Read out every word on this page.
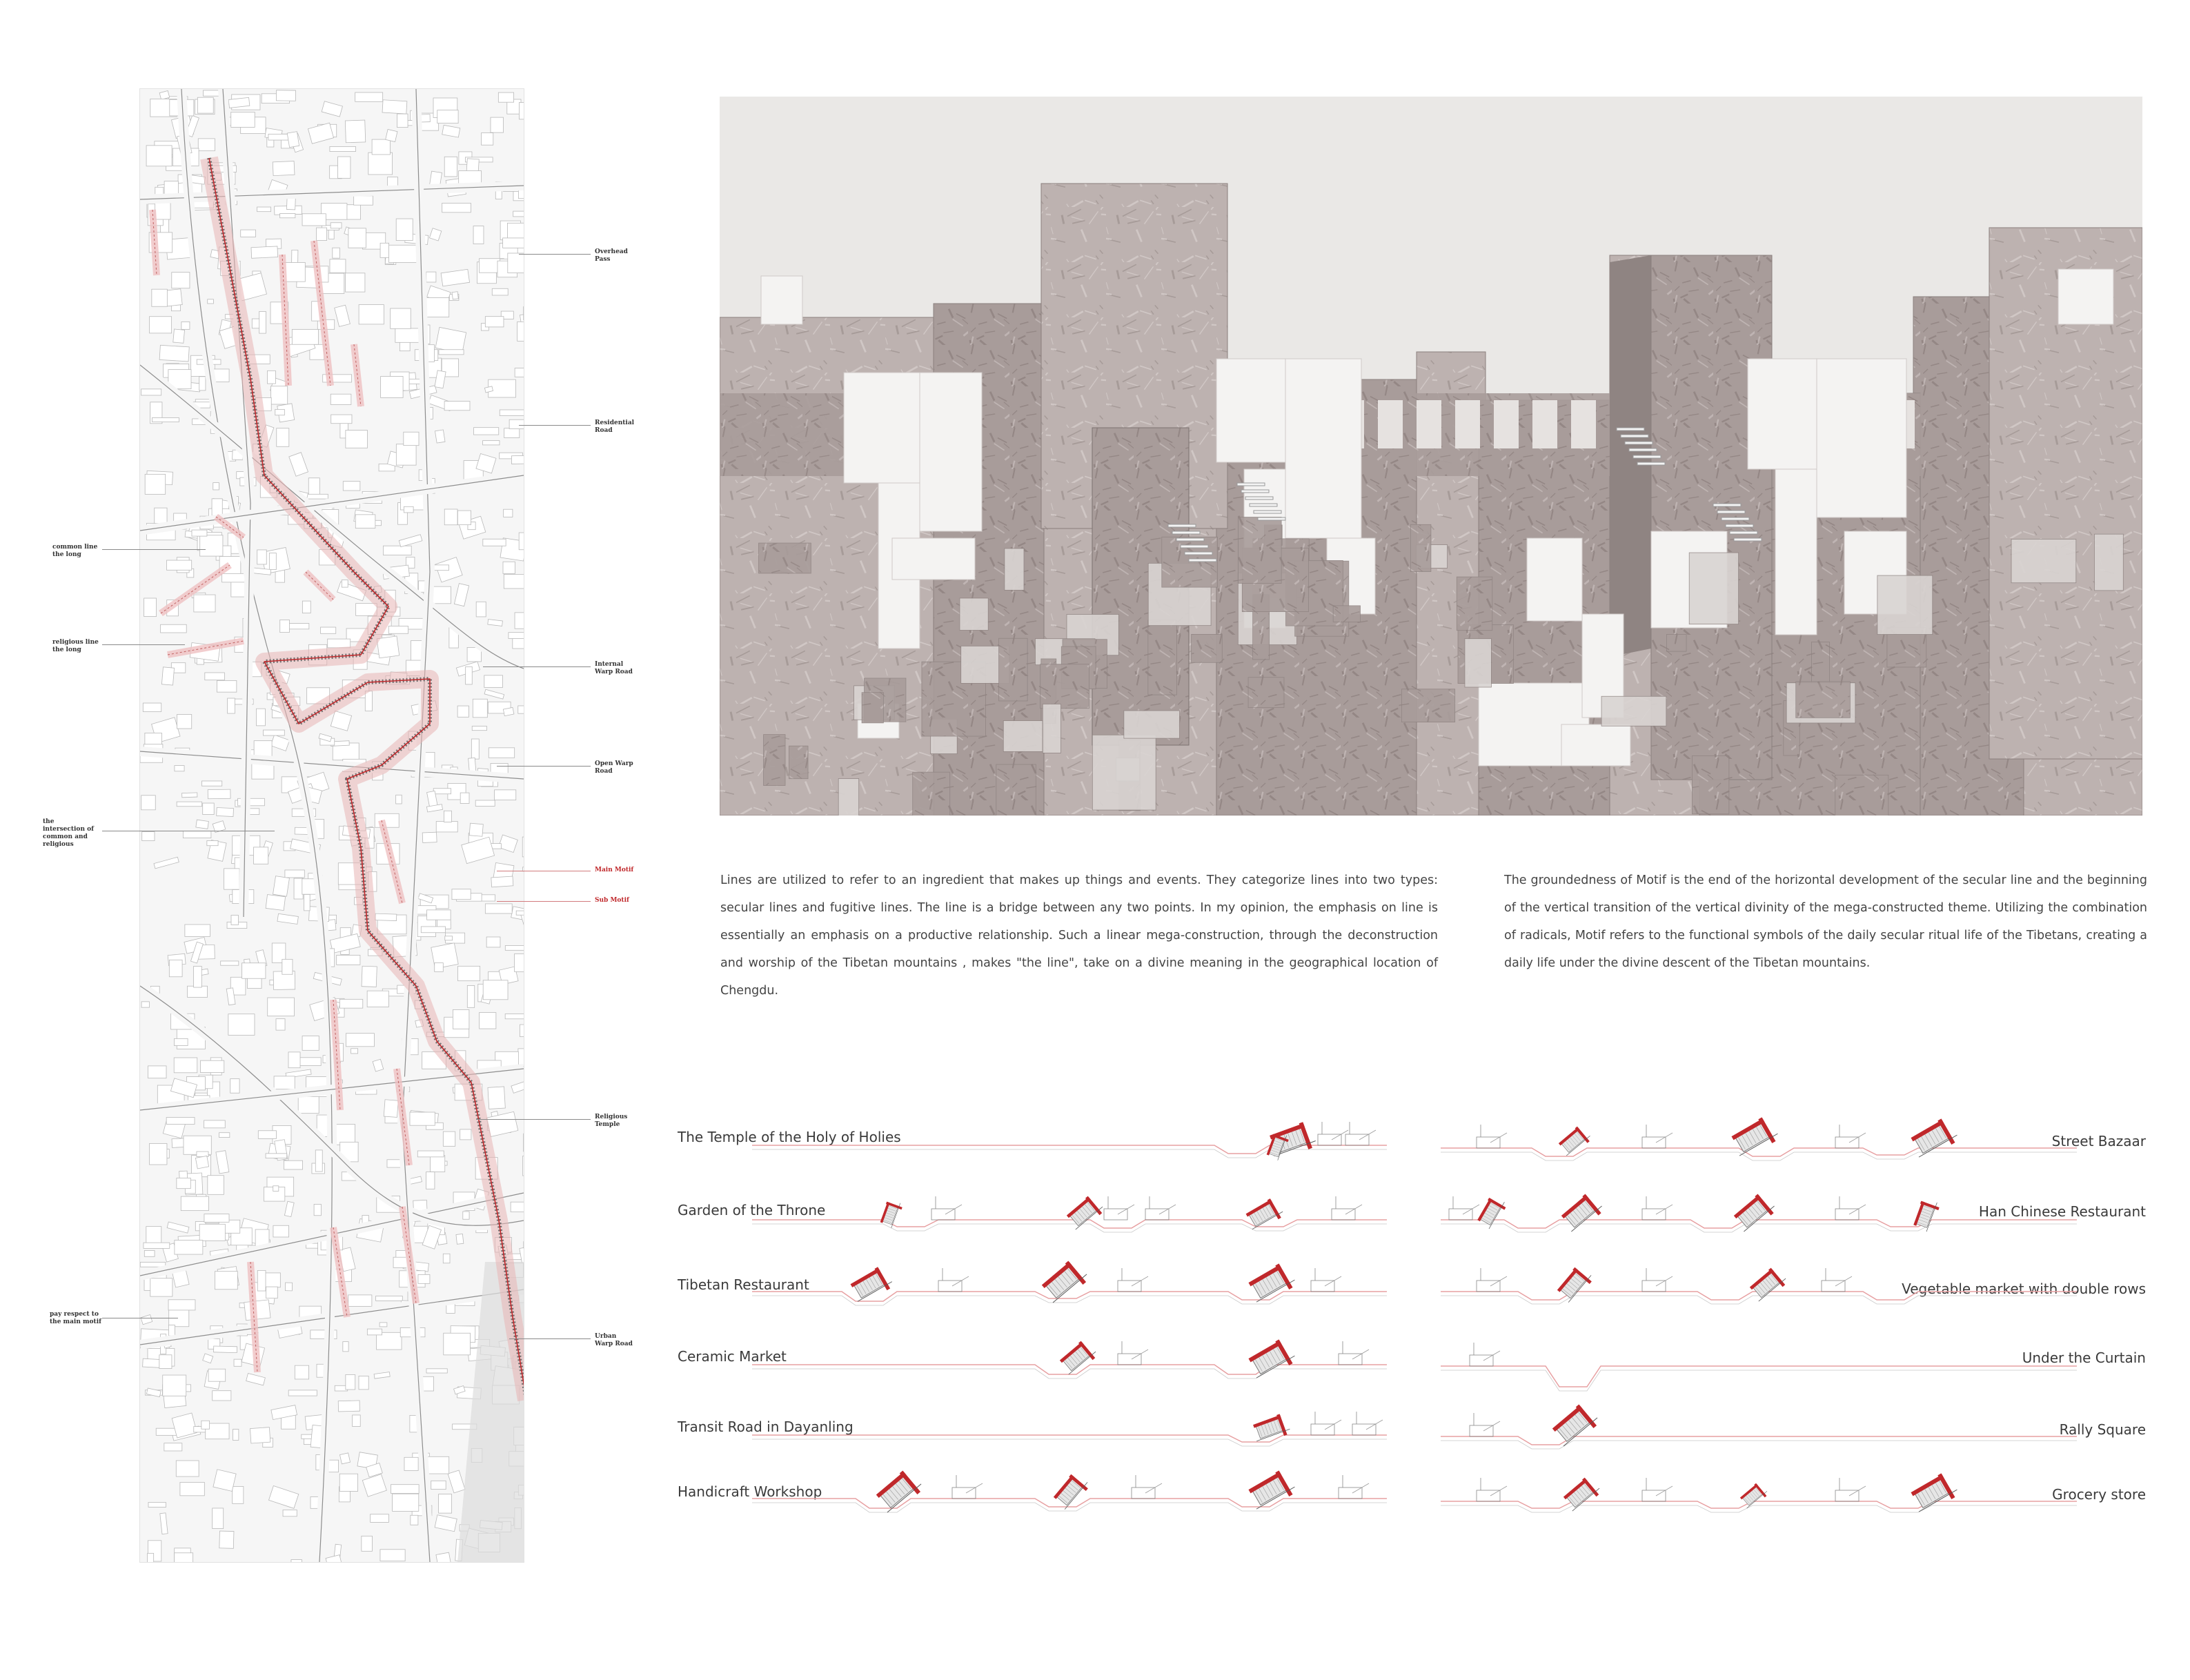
Overhead Pass
Residential Road
Internal Warp Road
Open Warp Road
Main Motif
Sub Motif
Religious Temple
Urban Warp Road
common line the long
religious line the long
the intersection of common and religious
pay respect to the main motif
Lines are utilized to refer to an ingredient that makes up things and events. They categorize lines into two types: secular lines and fugitive lines. The line is a bridge between any two points. In my opinion, the emphasis on line is essentially an emphasis on a productive relationship. Such a linear mega-construction, through the deconstruction and worship of the Tibetan mountains , makes "the line", take on a divine meaning in the geographical location of Chengdu.
The groundedness of Motif is the end of the horizontal development of the secular line and the beginning of the vertical transition of the vertical divinity of the mega-constructed theme. Utilizing the combination of radicals, Motif refers to the functional symbols of the daily secular ritual life of the Tibetans, creating a daily life under the divine descent of the Tibetan mountains.
The Temple of the Holy of Holies
Garden of the Throne
Tibetan Restaurant
Ceramic Market
Transit Road in Dayanling
Handicraft Workshop
Street Bazaar
Han Chinese Restaurant
Vegetable market with double rows
Under the Curtain
Rally Square
Grocery store
